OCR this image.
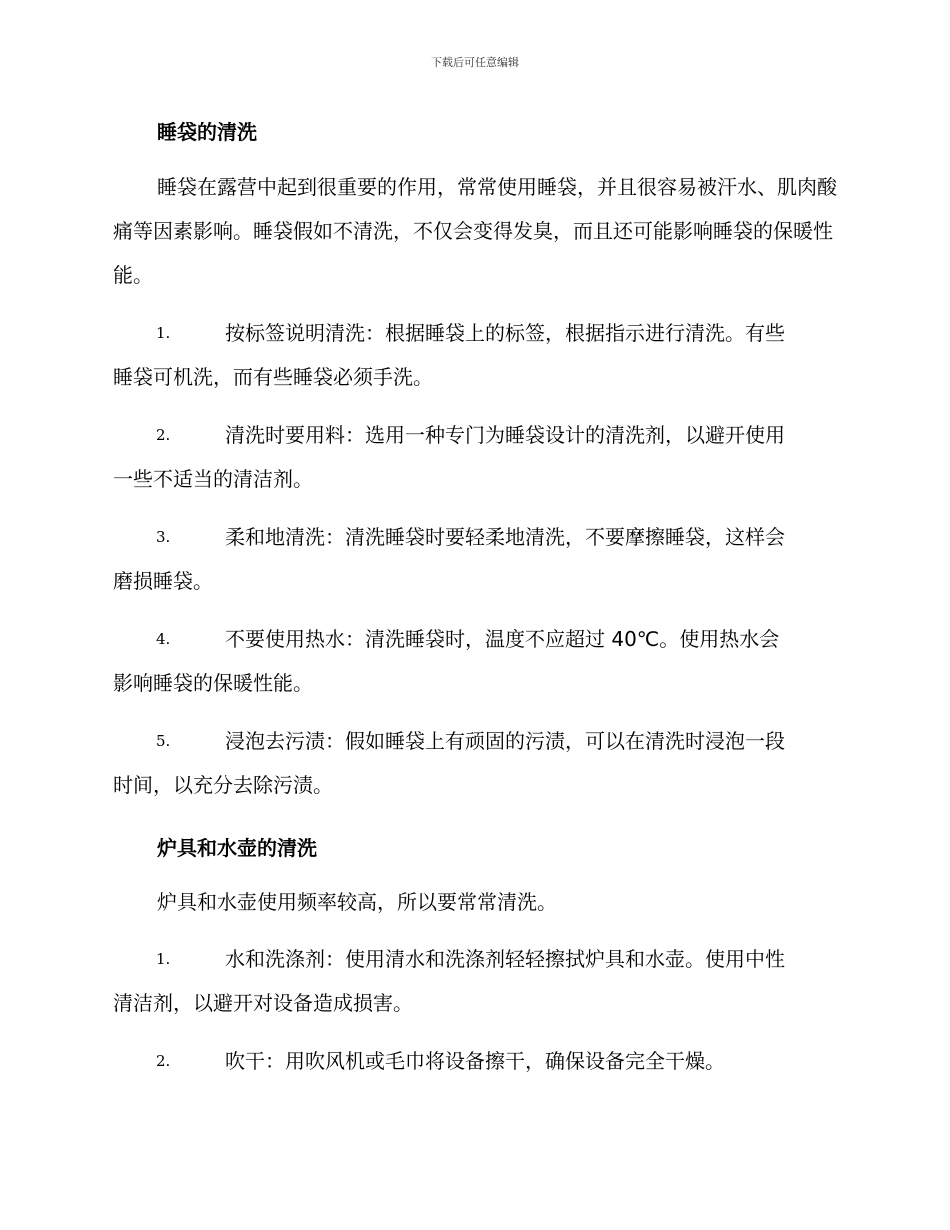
下载后可任意编辑
睡袋的清洗
睡袋在露营中起到很重要的作用，常常使用睡袋，并且很容易被汗水、肌肉酸痛等因素影响。睡袋假如不清洗，不仅会变得发臭，而且还可能影响睡袋的保暖性能。
1.	按标签说明清洗：根据睡袋上的标签，根据指示进行清洗。有些
睡袋可机洗，而有些睡袋必须手洗。
2.	清洗时要用料：选用一种专门为睡袋设计的清洗剂，以避开使用
一些不适当的清洁剂。
3.	柔和地清洗：清洗睡袋时要轻柔地清洗，不要摩擦睡袋，这样会
磨损睡袋。
4.	不要使用热水：清洗睡袋时，温度不应超过 40℃。使用热水会
影响睡袋的保暖性能。
5.	浸泡去污渍：假如睡袋上有顽固的污渍，可以在清洗时浸泡一段
时间，以充分去除污渍。
炉具和水壶的清洗
炉具和水壶使用频率较高，所以要常常清洗。
1.	水和洗涤剂：使用清水和洗涤剂轻轻擦拭炉具和水壶。使用中性
清洁剂，以避开对设备造成损害。
2.	吹干：用吹风机或毛巾将设备擦干，确保设备完全干燥。
